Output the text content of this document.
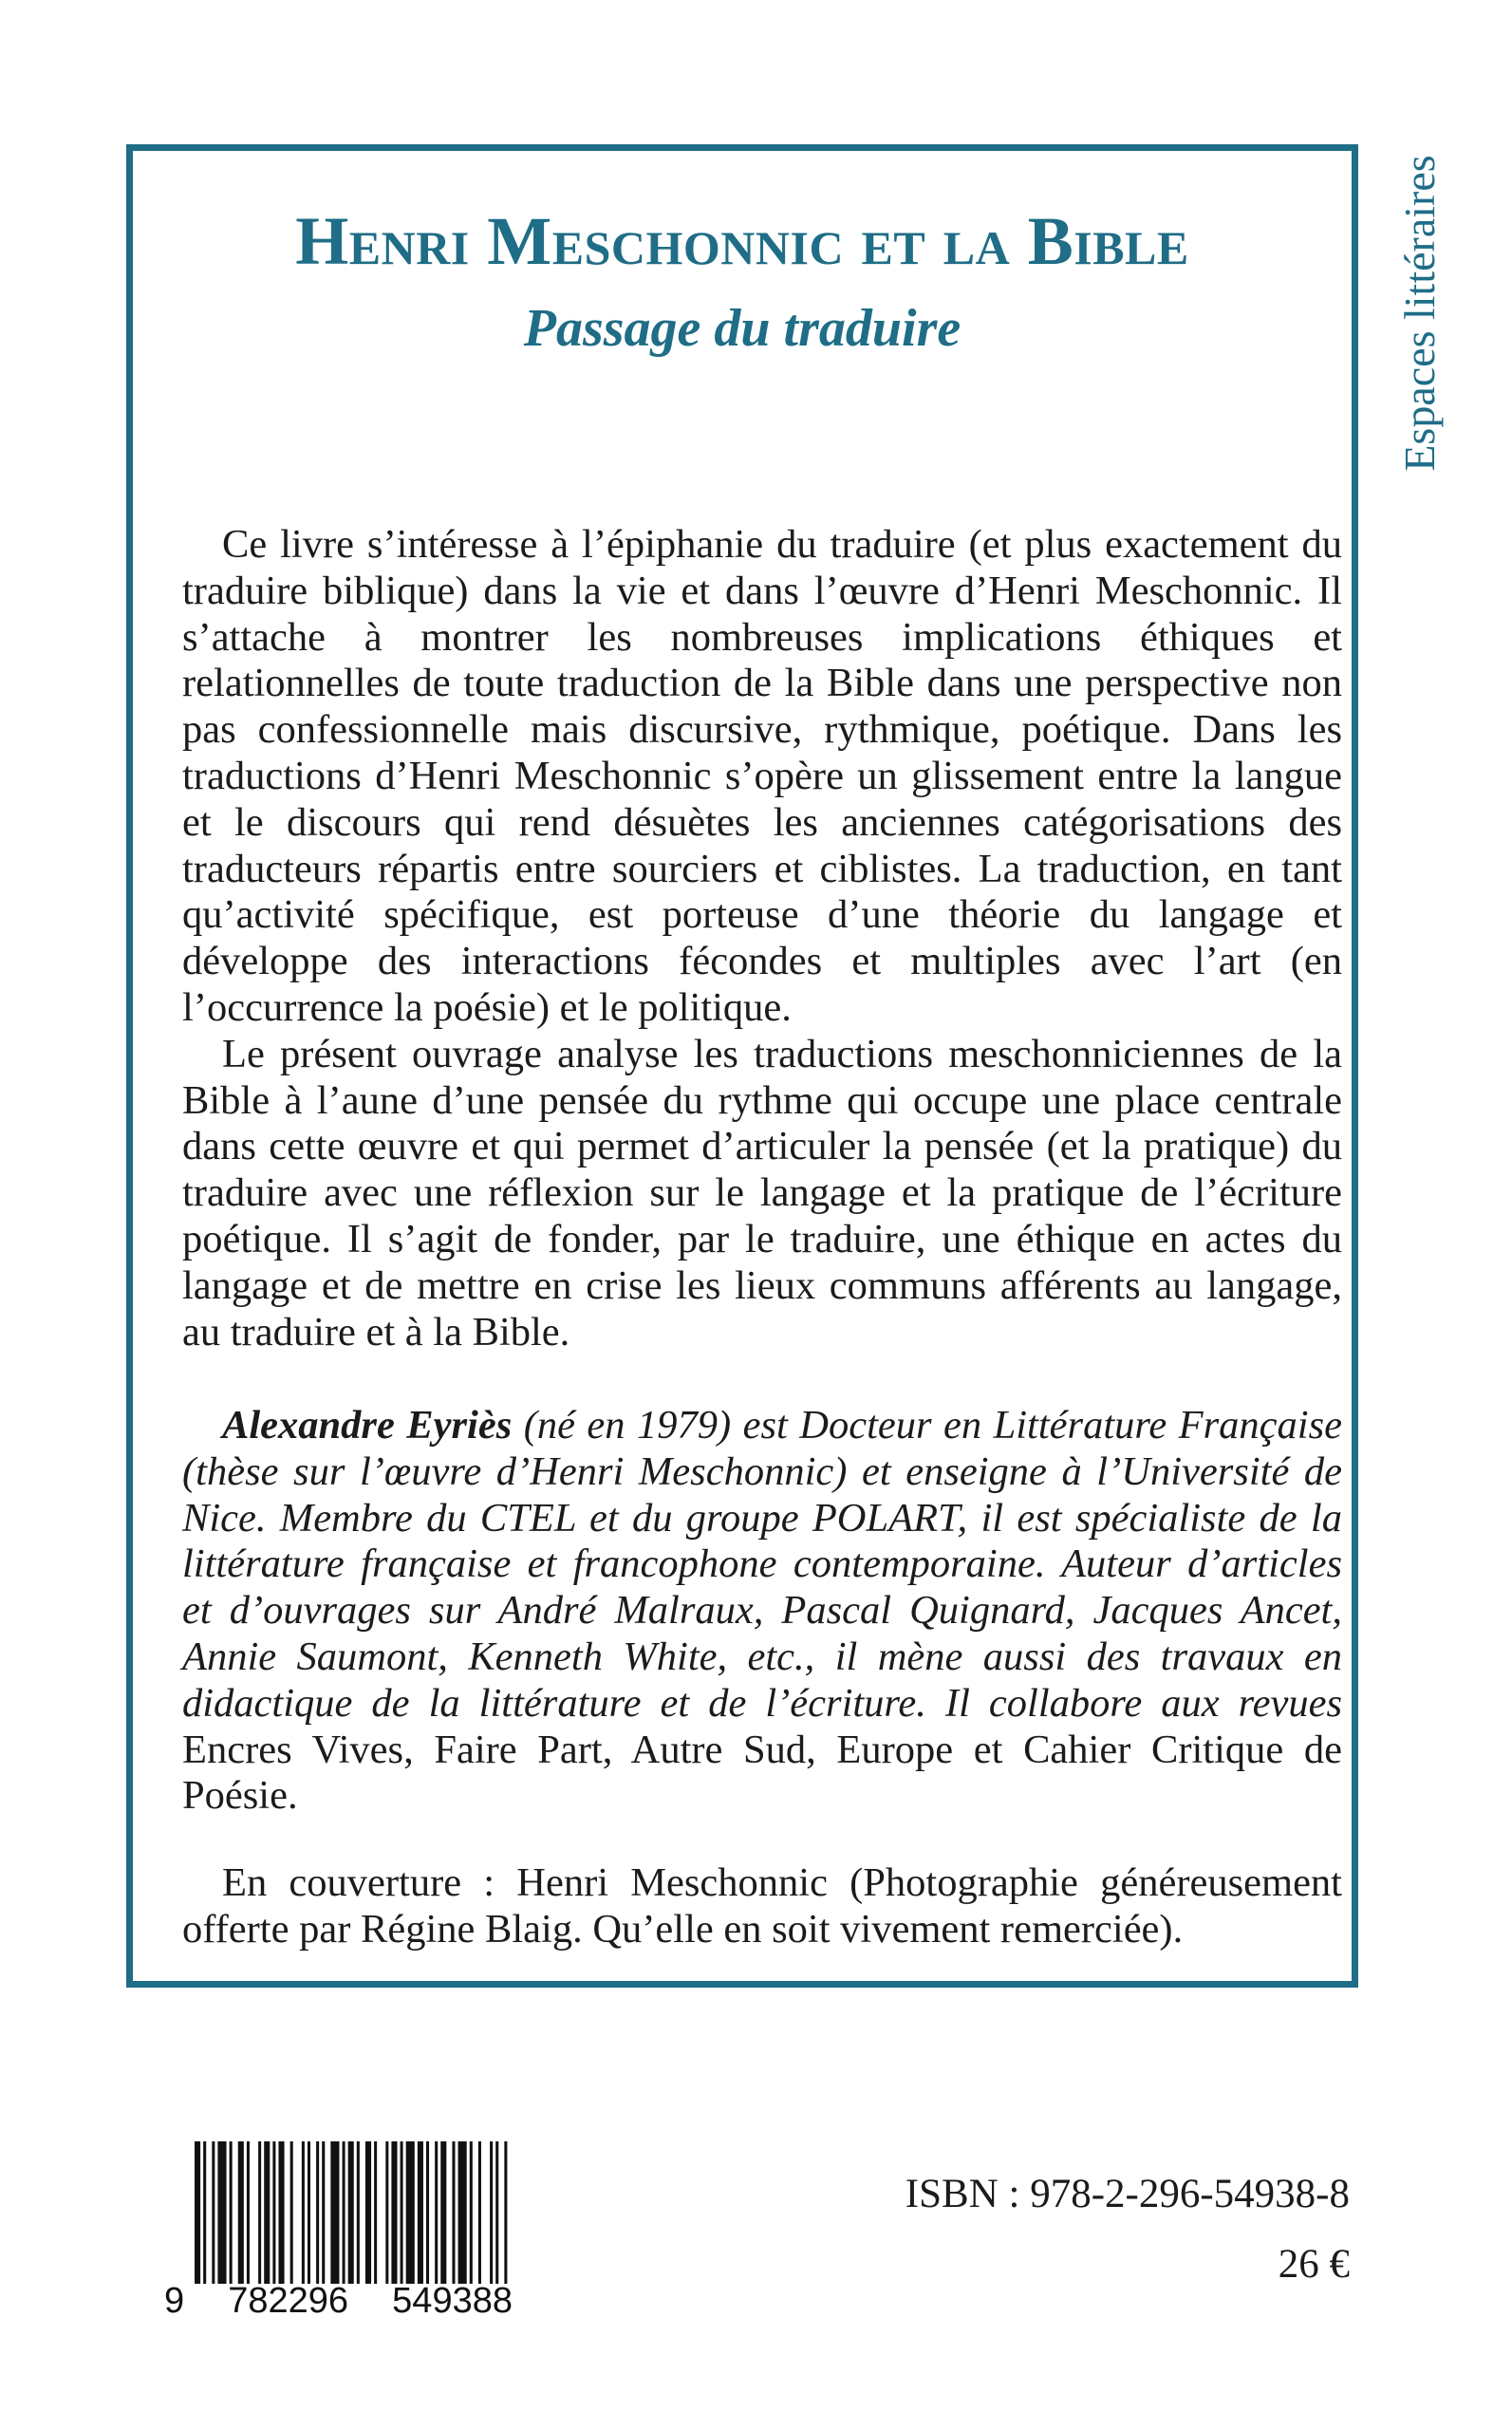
Espaces littéraires
Henri Meschonnic et la Bible
Passage du traduire

Ce livre s’intéresse à l’épiphanie du traduire (et plus exactement du traduire biblique) dans la vie et dans l’œuvre d’Henri Meschonnic. Il s’attache à montrer les nombreuses implications éthiques et relationnelles de toute traduction de la Bible dans une perspective non pas confessionnelle mais discursive, rythmique, poétique. Dans les traductions d’Henri Meschonnic s’opère un glissement entre la langue et le discours qui rend désuètes les anciennes catégorisations des traducteurs répartis entre sourciers et ciblistes. La traduction, en tant qu’activité spécifique, est porteuse d’une théorie du langage et développe des interactions fécondes et multiples avec l’art (en l’occurrence la poésie) et le politique.

Le présent ouvrage analyse les traductions meschonniciennes de la Bible à l’aune d’une pensée du rythme qui occupe une place centrale dans cette œuvre et qui permet d’articuler la pensée (et la pratique) du traduire avec une réflexion sur le langage et la pratique de l’écriture poétique. Il s’agit de fonder, par le traduire, une éthique en actes du langage et de mettre en crise les lieux communs afférents au langage, au traduire et à la Bible.

Alexandre Eyriès (né en 1979) est Docteur en Littérature Française (thèse sur l’œuvre d’Henri Meschonnic) et enseigne à l’Université de Nice. Membre du CTEL et du groupe POLART, il est spécialiste de la littérature française et francophone contemporaine. Auteur d’articles et d’ouvrages sur André Malraux, Pascal Quignard, Jacques Ancet, Annie Saumont, Kenneth White, etc., il mène aussi des travaux en didactique de la littérature et de l’écriture. Il collabore aux revues Encres Vives, Faire Part, Autre Sud, Europe et Cahier Critique de Poésie.

En couverture : Henri Meschonnic (Photographie généreusement offerte par Régine Blaig. Qu’elle en soit vivement remerciée).

9 782296 549388

ISBN : 978-2-296-54938-8

26 €
